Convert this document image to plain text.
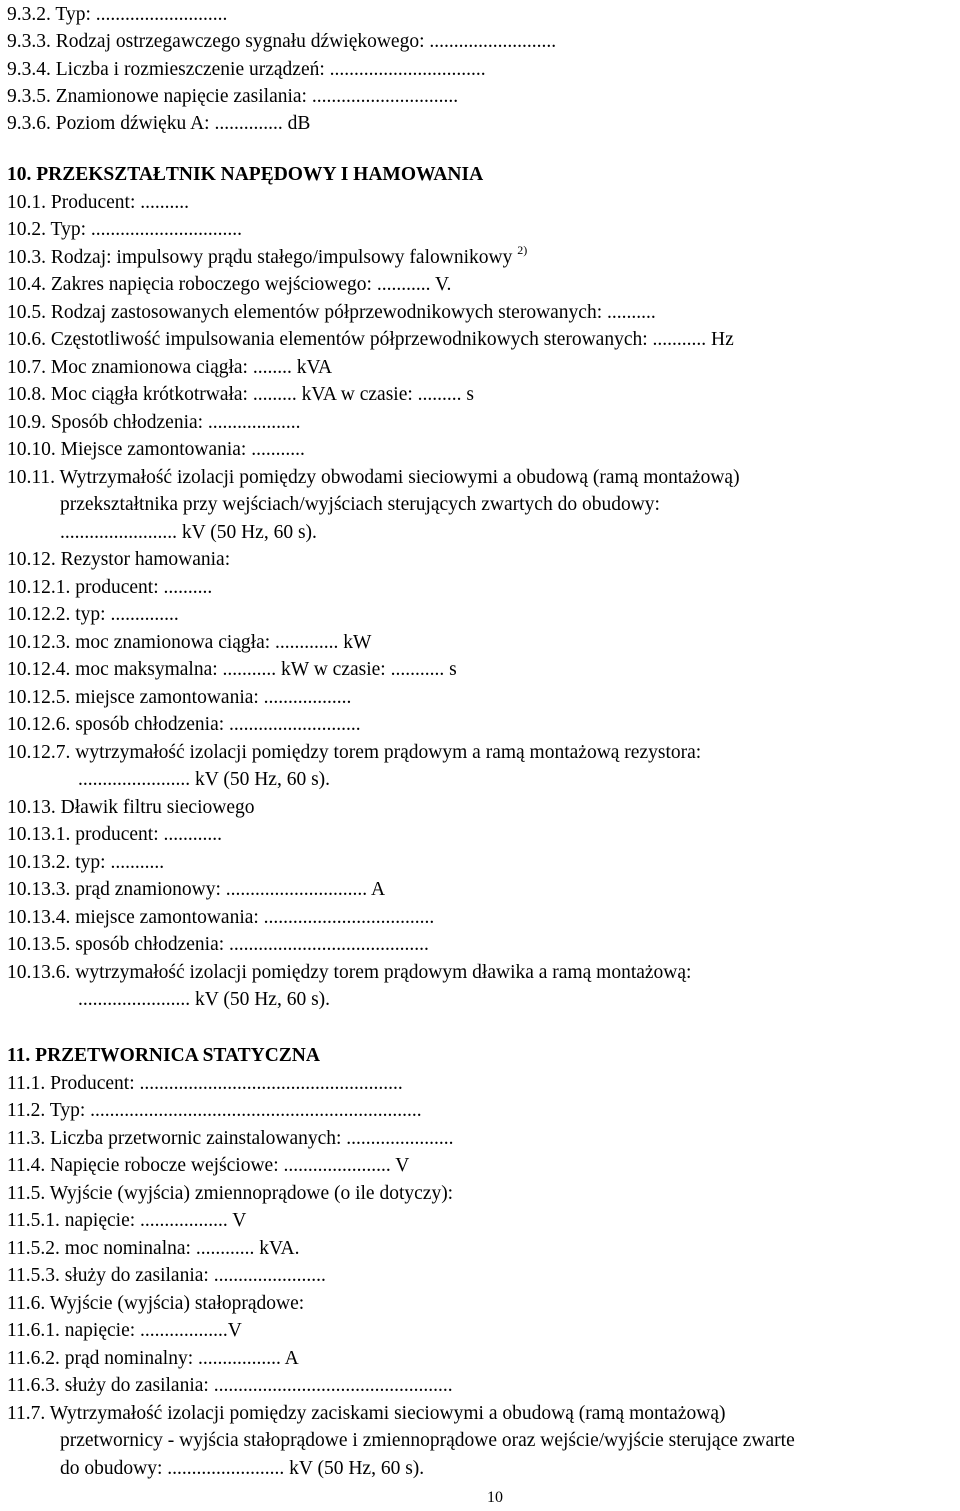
9.3.2. Typ: ...........................
9.3.3. Rodzaj ostrzegawczego sygnału dźwiękowego: ..........................
9.3.4. Liczba i rozmieszczenie urządzeń: ................................
9.3.5. Znamionowe napięcie zasilania: ..............................
9.3.6. Poziom dźwięku A: .............. dB
10. PRZEKSZTAŁTNIK NAPĘDOWY I HAMOWANIA
10.1. Producent: ..........
10.2. Typ: ...............................
10.3. Rodzaj: impulsowy prądu stałego/impulsowy falownikowy $^{2)}$
10.4. Zakres napięcia roboczego wejściowego: ........... V.
10.5. Rodzaj zastosowanych elementów półprzewodnikowych sterowanych: ..........
10.6. Częstotliwość impulsowania elementów półprzewodnikowych sterowanych: ........... Hz
10.7. Moc znamionowa ciągła: ........ kVA
10.8. Moc ciągła krótkotrwała: ......... kVA w czasie: ......... s
10.9. Sposób chłodzenia: ...................
10.10. Miejsce zamontowania: ...........
10.11. Wytrzymałość izolacji pomiędzy obwodami sieciowymi a obudową (ramą montażową)
przekształtnika przy wejściach/wyjściach sterujących zwartych do obudowy:
........................ kV (50 Hz, 60 s).
10.12. Rezystor hamowania:
10.12.1. producent: ..........
10.12.2. typ: ..............
10.12.3. moc znamionowa ciągła: ............. kW
10.12.4. moc maksymalna: ........... kW w czasie: ........... s
10.12.5. miejsce zamontowania: ..................
10.12.6. sposób chłodzenia: ...........................
10.12.7. wytrzymałość izolacji pomiędzy torem prądowym a ramą montażową rezystora:
....................... kV (50 Hz, 60 s).
10.13. Dławik filtru sieciowego
10.13.1. producent: ............
10.13.2. typ: ...........
10.13.3. prąd znamionowy: ............................. A
10.13.4. miejsce zamontowania: ...................................
10.13.5. sposób chłodzenia: .........................................
10.13.6. wytrzymałość izolacji pomiędzy torem prądowym dławika a ramą montażową:
....................... kV (50 Hz, 60 s).
11. PRZETWORNICA STATYCZNA
11.1. Producent: ......................................................
11.2. Typ: ....................................................................
11.3. Liczba przetwornic zainstalowanych: ......................
11.4. Napięcie robocze wejściowe: ...................... V
11.5. Wyjście (wyjścia) zmiennoprądowe (o ile dotyczy):
11.5.1. napięcie: .................. V
11.5.2. moc nominalna: ............ kVA.
11.5.3. służy do zasilania: .......................
11.6. Wyjście (wyjścia) stałoprądowe:
11.6.1. napięcie: ..................V
11.6.2. prąd nominalny: ................. A
11.6.3. służy do zasilania: .................................................
11.7. Wytrzymałość izolacji pomiędzy zaciskami sieciowymi a obudową (ramą montażową)
przetwornicy - wyjścia stałoprądowe i zmiennoprądowe oraz wejście/wyjście sterujące zwarte
do obudowy: ........................ kV (50 Hz, 60 s).
10
